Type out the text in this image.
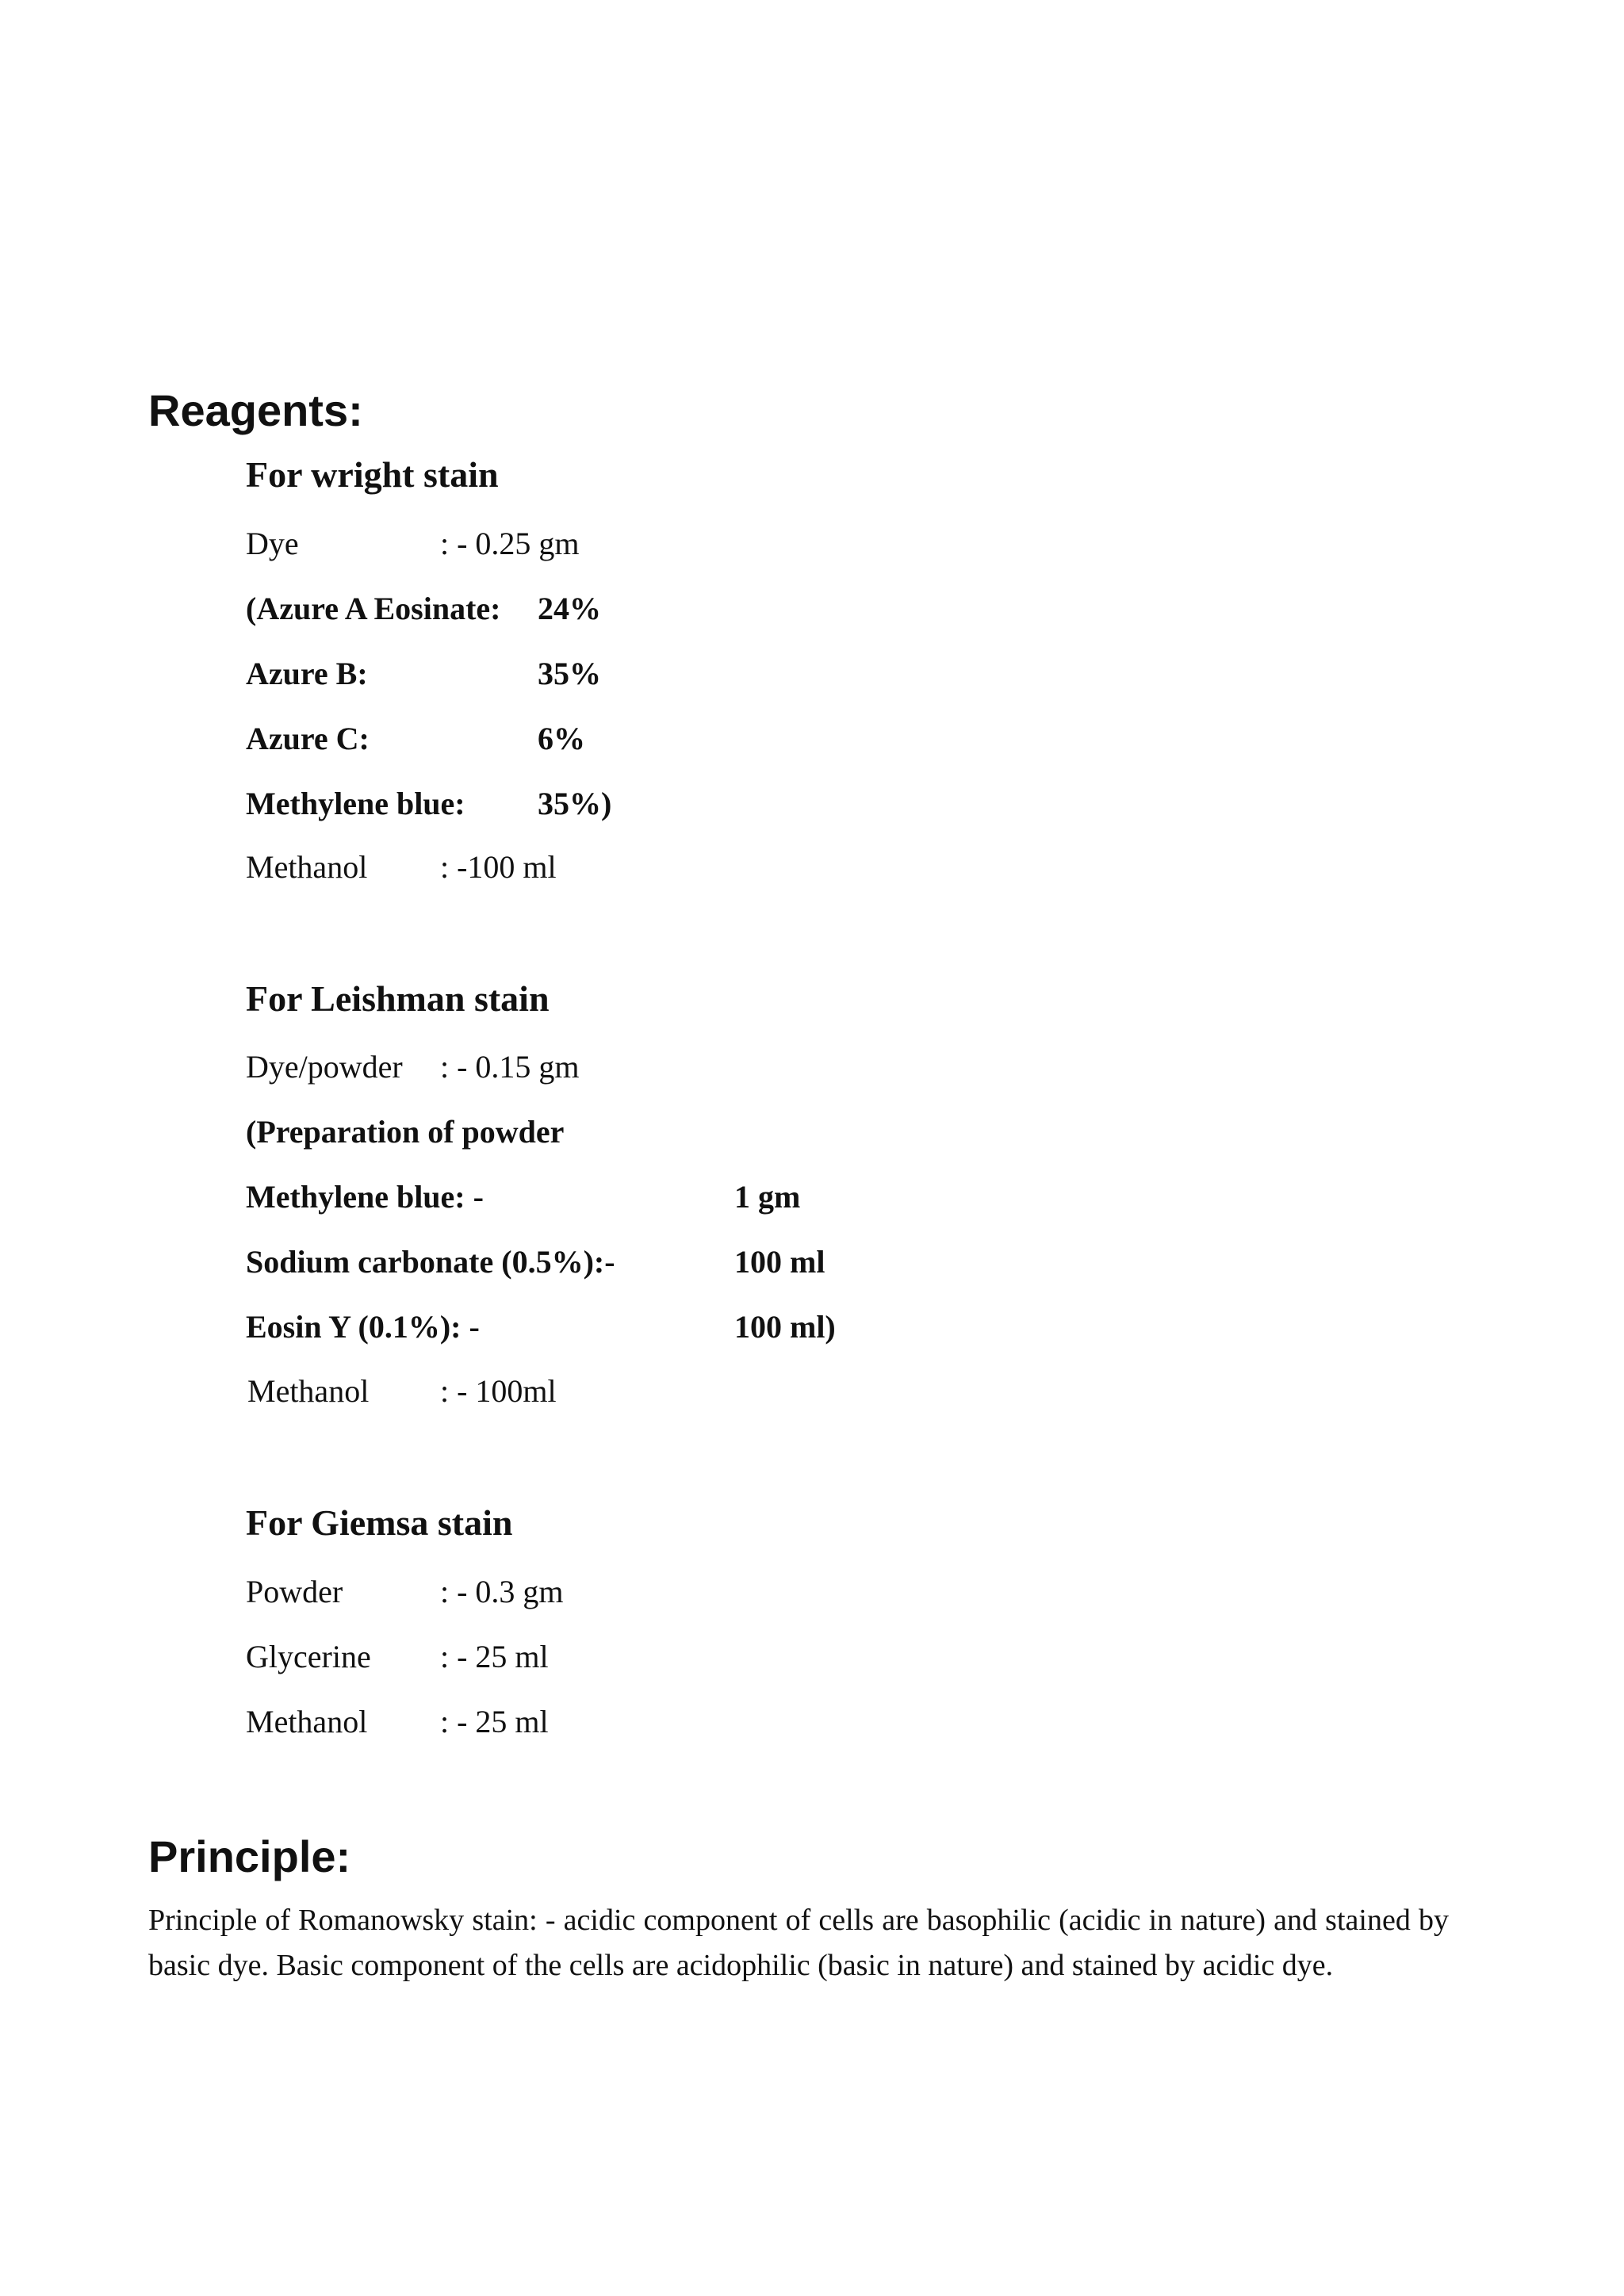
Reagents:
For wright stain
Dye	: - 0.25 gm
(Azure A Eosinate: 24%
Azure B:	35%
Azure C:	6%
Methylene blue: 35%)
Methanol : -100 ml
For Leishman stain
Dye/powder : - 0.15 gm
(Preparation of powder
Methylene blue: -	1 gm
Sodium carbonate (0.5%):-	100 ml
Eosin Y (0.1%): -	100 ml)
Methanol : - 100ml
For Giemsa stain
Powder	: - 0.3 gm
Glycerine : - 25 ml
Methanol : - 25 ml
Principle:

Principle of Romanowsky stain: - acidic component of cells are basophilic (acidic in nature) and stained by basic dye. Basic component of the cells are acidophilic (basic in nature) and stained by acidic dye.
